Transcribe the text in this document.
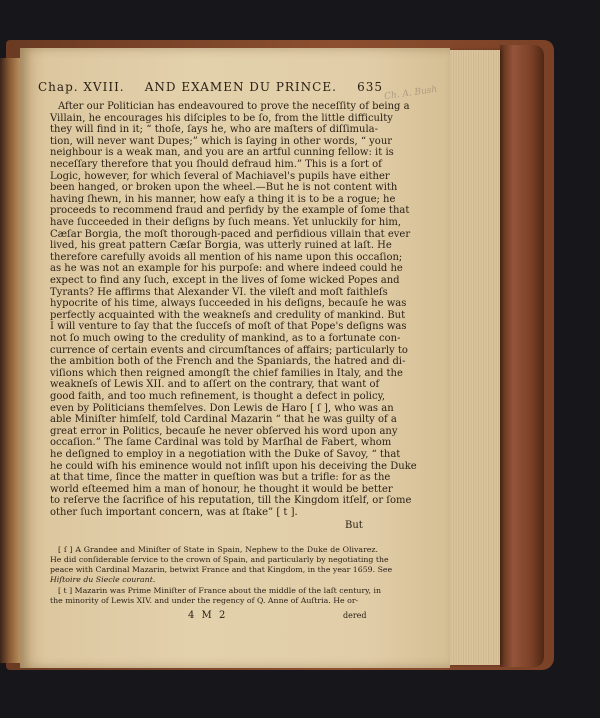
Chap. XVIII. AND EXAMEN DU PRINCE. 635 Ch. A. Bush
After our Politician has endeavoured to prove the neceſſity of being a
Villain, he encourages his diſciples to be ſo, from the little difficulty
they will find in it; “ thoſe, ſays he, who are maſters of diſſimula-
tion, will never want Dupes;” which is ſaying in other words, “ your
neighbour is a weak man, and you are an artful cunning fellow: it is
neceſſary therefore that you ſhould defraud him.” This is a ſort of
Logic, however, for which ſeveral of Machiavel's pupils have either
been hanged, or broken upon the wheel.—But he is not content with
having ſhewn, in his manner, how eaſy a thing it is to be a rogue; he
proceeds to recommend fraud and perfidy by the example of ſome that
have ſucceeded in their deſigns by ſuch means. Yet unluckily for him,
Cæſar Borgia, the moſt thorough-paced and perfidious villain that ever
lived, his great pattern Cæſar Borgia, was utterly ruined at laſt. He
therefore carefully avoids all mention of his name upon this occaſion;
as he was not an example for his purpoſe: and where indeed could he
expect to find any ſuch, except in the lives of ſome wicked Popes and
Tyrants? He affirms that Alexander VI. the vileſt and moſt faithleſs
hypocrite of his time, always ſucceeded in his deſigns, becauſe he was
perfectly acquainted with the weakneſs and credulity of mankind. But
I will venture to ſay that the ſucceſs of moſt of that Pope's deſigns was
not ſo much owing to the credulity of mankind, as to a fortunate con-
currence of certain events and circumſtances of affairs; particularly to
the ambition both of the French and the Spaniards, the hatred and di-
viſions which then reigned amongſt the chief families in Italy, and the
weakneſs of Lewis XII. and to aſſert on the contrary, that want of
good faith, and too much refinement, is thought a defect in policy,
even by Politicians themſelves. Don Lewis de Haro [ ſ ], who was an
able Miniſter himſelf, told Cardinal Mazarin “ that he was guilty of a
great error in Politics, becauſe he never obſerved his word upon any
occaſion.” The ſame Cardinal was told by Marſhal de Fabert, whom
he deſigned to employ in a negotiation with the Duke of Savoy, “ that
he could wiſh his eminence would not inſiſt upon his deceiving the Duke
at that time, ſince the matter in queſtion was but a trifle: for as the
world eſteemed him a man of honour, he thought it would be better
to reſerve the ſacrifice of his reputation, till the Kingdom itſelf, or ſome
other ſuch important concern, was at ſtake” [ t ].
But
[ ſ ] A Grandee and Miniſter of State in Spain, Nephew to the Duke de Olivarez.
He did conſiderable ſervice to the crown of Spain, and particularly by negotiating the
peace with Cardinal Mazarin, betwixt France and that Kingdom, in the year 1659. See
Hiſtoire du Siecle courant.
[ t ] Mazarin was Prime Miniſter of France about the middle of the laſt century, in
the minority of Lewis XIV. and under the regency of Q. Anne of Auſtria. He or-
4 M 2	dered
